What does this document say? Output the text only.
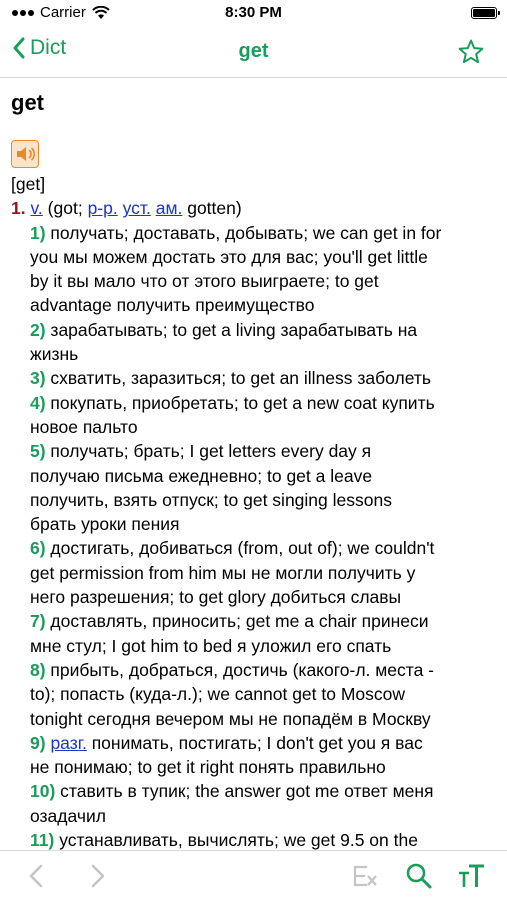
Carrier	8:30 PM
Dict	get
get

[get]

1. v. (got; p-p. уст. ам. gotten)

1) получать; доставать, добывать; we can get in for

you мы можем достать это для вас; you'll get little

by it вы мало что от этого выиграете; to get

advantage получить преимущество

2) зарабатывать; to get a living зарабатывать на

жизнь

3) схватить, заразиться; to get an illness заболеть

4) покупать, приобретать; to get a new coat купить

новое пальто

5) получать; брать; I get letters every day я

получаю письма ежедневно; to get a leave

получить, взять отпуск; to get singing lessons

брать уроки пения

6) достигать, добиваться (from, out of); we couldn't

get permission from him мы не могли получить у

него разрешения; to get glory добиться славы

7) доставлять, приносить; get me a chair принеси

мне стул; I got him to bed я уложил его спать

8) прибыть, добраться, достичь (какого-л. места -

to); попасть (куда-л.); we cannot get to Moscow

tonight сегодня вечером мы не попадём в Москву

9) разг. понимать, постигать; I don't get you я вас

не понимаю; to get it right понять правильно

10) ставить в тупик; the answer got me ответ меня

озадачил

11) устанавливать, вычислять; we get 9.5 on the
